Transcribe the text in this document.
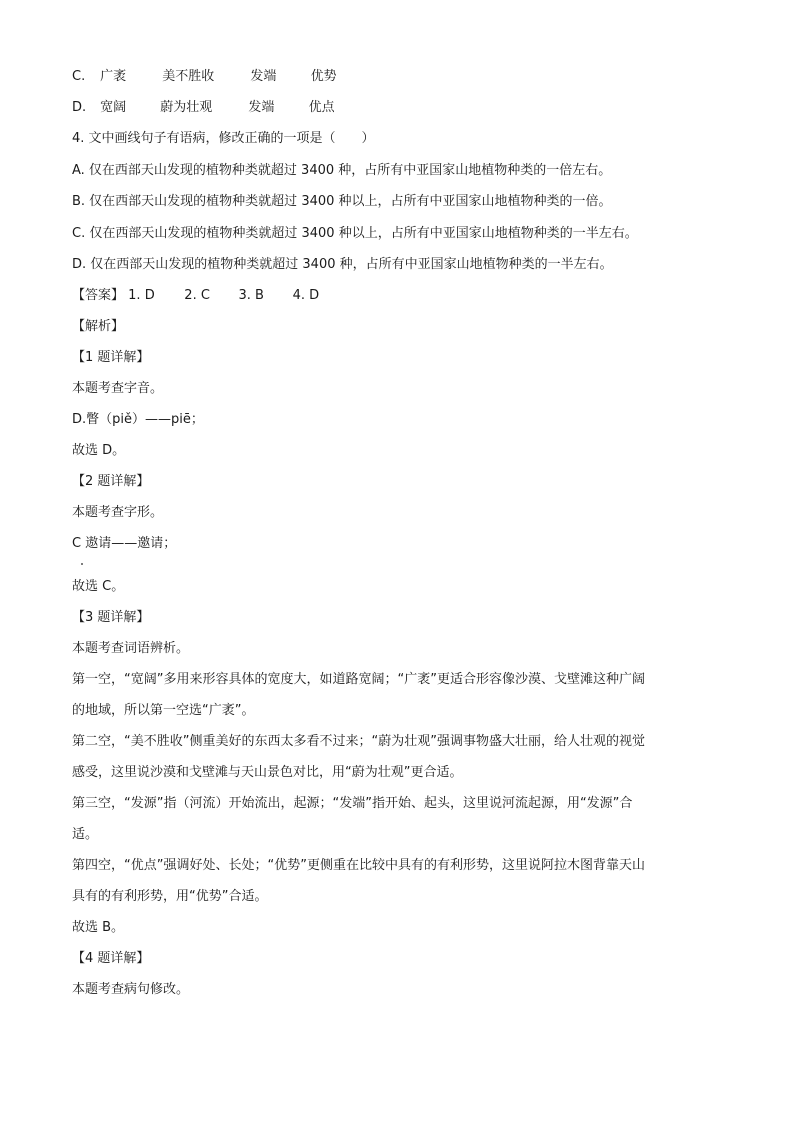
C. 广袤	美不胜收	发端	优势
D. 宽阔	蔚为壮观	发端	优点
4. 文中画线句子有语病，修改正确的一项是（　　）
A. 仅在西部天山发现的植物种类就超过 3400 种，占所有中亚国家山地植物种类的一倍左右。
B. 仅在西部天山发现的植物种类就超过 3400 种以上，占所有中亚国家山地植物种类的一倍。
C. 仅在西部天山发现的植物种类就超过 3400 种以上，占所有中亚国家山地植物种类的一半左右。
D. 仅在西部天山发现的植物种类就超过 3400 种，占所有中亚国家山地植物种类的一半左右。
【答案】 1. D 2. C 3. B 4. D
【解析】
【1 题详解】
本题考查字音。
D.瞥（piě）——piē；
故选 D。
【2 题详解】
本题考查字形。
C 遨请——邀请；
故选 C。
【3 题详解】
本题考查词语辨析。
第一空，“宽阔”多用来形容具体的宽度大，如道路宽阔；“广袤”更适合形容像沙漠、戈壁滩这种广阔
的地域，所以第一空选“广袤”。
第二空，“美不胜收”侧重美好的东西太多看不过来；“蔚为壮观”强调事物盛大壮丽，给人壮观的视觉
感受，这里说沙漠和戈壁滩与天山景色对比，用“蔚为壮观”更合适。
第三空，“发源”指（河流）开始流出，起源；“发端”指开始、起头，这里说河流起源，用“发源”合
适。
第四空，“优点”强调好处、长处；“优势”更侧重在比较中具有的有利形势，这里说阿拉木图背靠天山
具有的有利形势，用“优势”合适。
故选 B。
【4 题详解】
本题考查病句修改。
